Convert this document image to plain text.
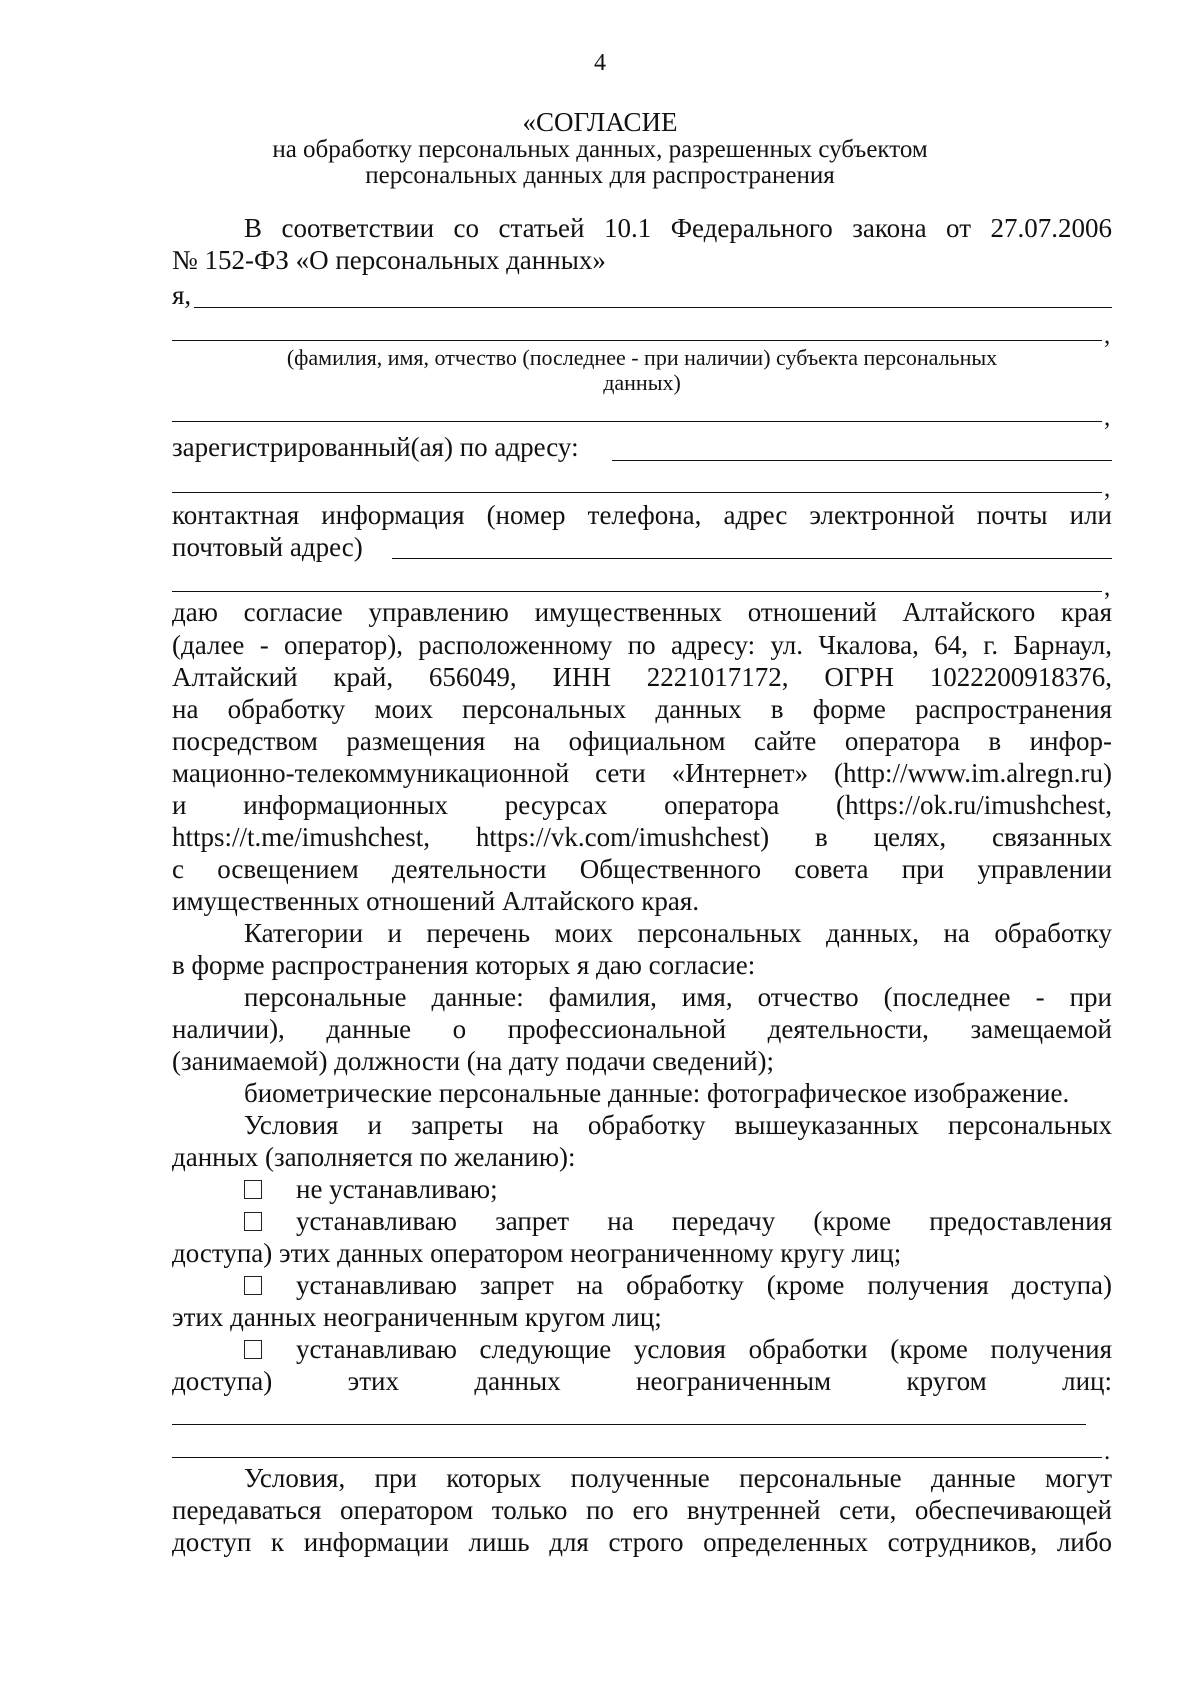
4
«СОГЛАСИЕ
на обработку персональных данных, разрешенных субъектом
персональных данных для распространения
В соответствии со статьей 10.1 Федерального закона от 27.07.2006
№ 152-ФЗ «О персональных данных»
я,
,
(фамилия, имя, отчество (последнее - при наличии) субъекта персональных
данных)
,
зарегистрированный(ая) по адресу:
,
контактная информация (номер телефона, адрес электронной почты или
почтовый адрес)
,
даю согласие управлению имущественных отношений Алтайского края
(далее - оператор), расположенному по адресу: ул. Чкалова, 64, г. Барнаул,
Алтайский край, 656049, ИНН 2221017172, ОГРН 1022200918376,
на обработку моих персональных данных в форме распространения
посредством размещения на официальном сайте оператора в инфор-
мационно-телекоммуникационной сети «Интернет» (http://www.im.alregn.ru)
и информационных ресурсах оператора (https://ok.ru/imushchest,
https://t.me/imushchest, https://vk.com/imushchest) в целях, связанных
с освещением деятельности Общественного совета при управлении
имущественных отношений Алтайского края.
Категории и перечень моих персональных данных, на обработку
в форме распространения которых я даю согласие:
персональные данные: фамилия, имя, отчество (последнее - при
наличии), данные о профессиональной деятельности, замещаемой
(занимаемой) должности (на дату подачи сведений);
биометрические персональные данные: фотографическое изображение.
Условия и запреты на обработку вышеуказанных персональных
данных (заполняется по желанию):
не устанавливаю;
устанавливаю запрет на передачу (кроме предоставления
доступа) этих данных оператором неограниченному кругу лиц;
устанавливаю запрет на обработку (кроме получения доступа)
этих данных неограниченным кругом лиц;
устанавливаю следующие условия обработки (кроме получения
доступа) этих данных неограниченным кругом лиц:
.
Условия, при которых полученные персональные данные могут
передаваться оператором только по его внутренней сети, обеспечивающей
доступ к информации лишь для строго определенных сотрудников, либо
